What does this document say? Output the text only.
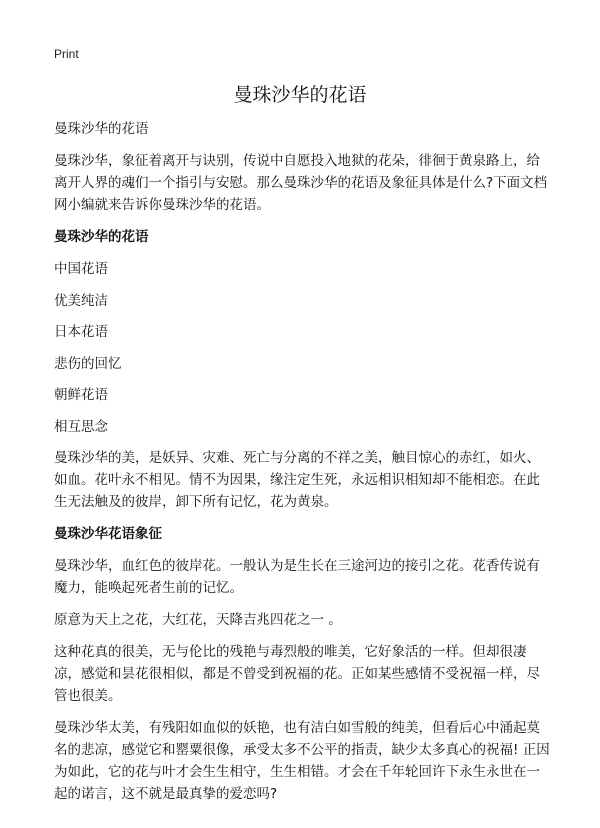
Print
曼珠沙华的花语

曼珠沙华的花语

曼珠沙华，象征着离开与诀别，传说中自愿投入地狱的花朵，徘徊于黄泉路上，给离开人界的魂们一个指引与安慰。那么曼珠沙华的花语及象征具体是什么?下面文档网小编就来告诉你曼珠沙华的花语。

曼珠沙华的花语

中国花语

优美纯洁

日本花语

悲伤的回忆

朝鲜花语

相互思念

曼珠沙华的美，是妖异、灾难、死亡与分离的不祥之美，触目惊心的赤红，如火、如血。花叶永不相见。情不为因果，缘注定生死，永远相识相知却不能相恋。在此生无法触及的彼岸，卸下所有记忆，花为黄泉。

曼珠沙华花语象征

曼珠沙华，血红色的彼岸花。一般认为是生长在三途河边的接引之花。花香传说有魔力，能唤起死者生前的记忆。

原意为天上之花，大红花，天降吉兆四花之一 。

这种花真的很美，无与伦比的残艳与毒烈般的唯美，它好象活的一样。但却很凄凉，感觉和昙花很相似，都是不曾受到祝福的花。正如某些感情不受祝福一样，尽管也很美。

曼珠沙华太美，有残阳如血似的妖艳，也有洁白如雪般的纯美，但看后心中涌起莫名的悲凉，感觉它和罂粟很像，承受太多不公平的指责，缺少太多真心的祝福! 正因为如此，它的花与叶才会生生相守，生生相错。才会在千年轮回许下永生永世在一起的诺言，这不就是最真挚的爱恋吗?
